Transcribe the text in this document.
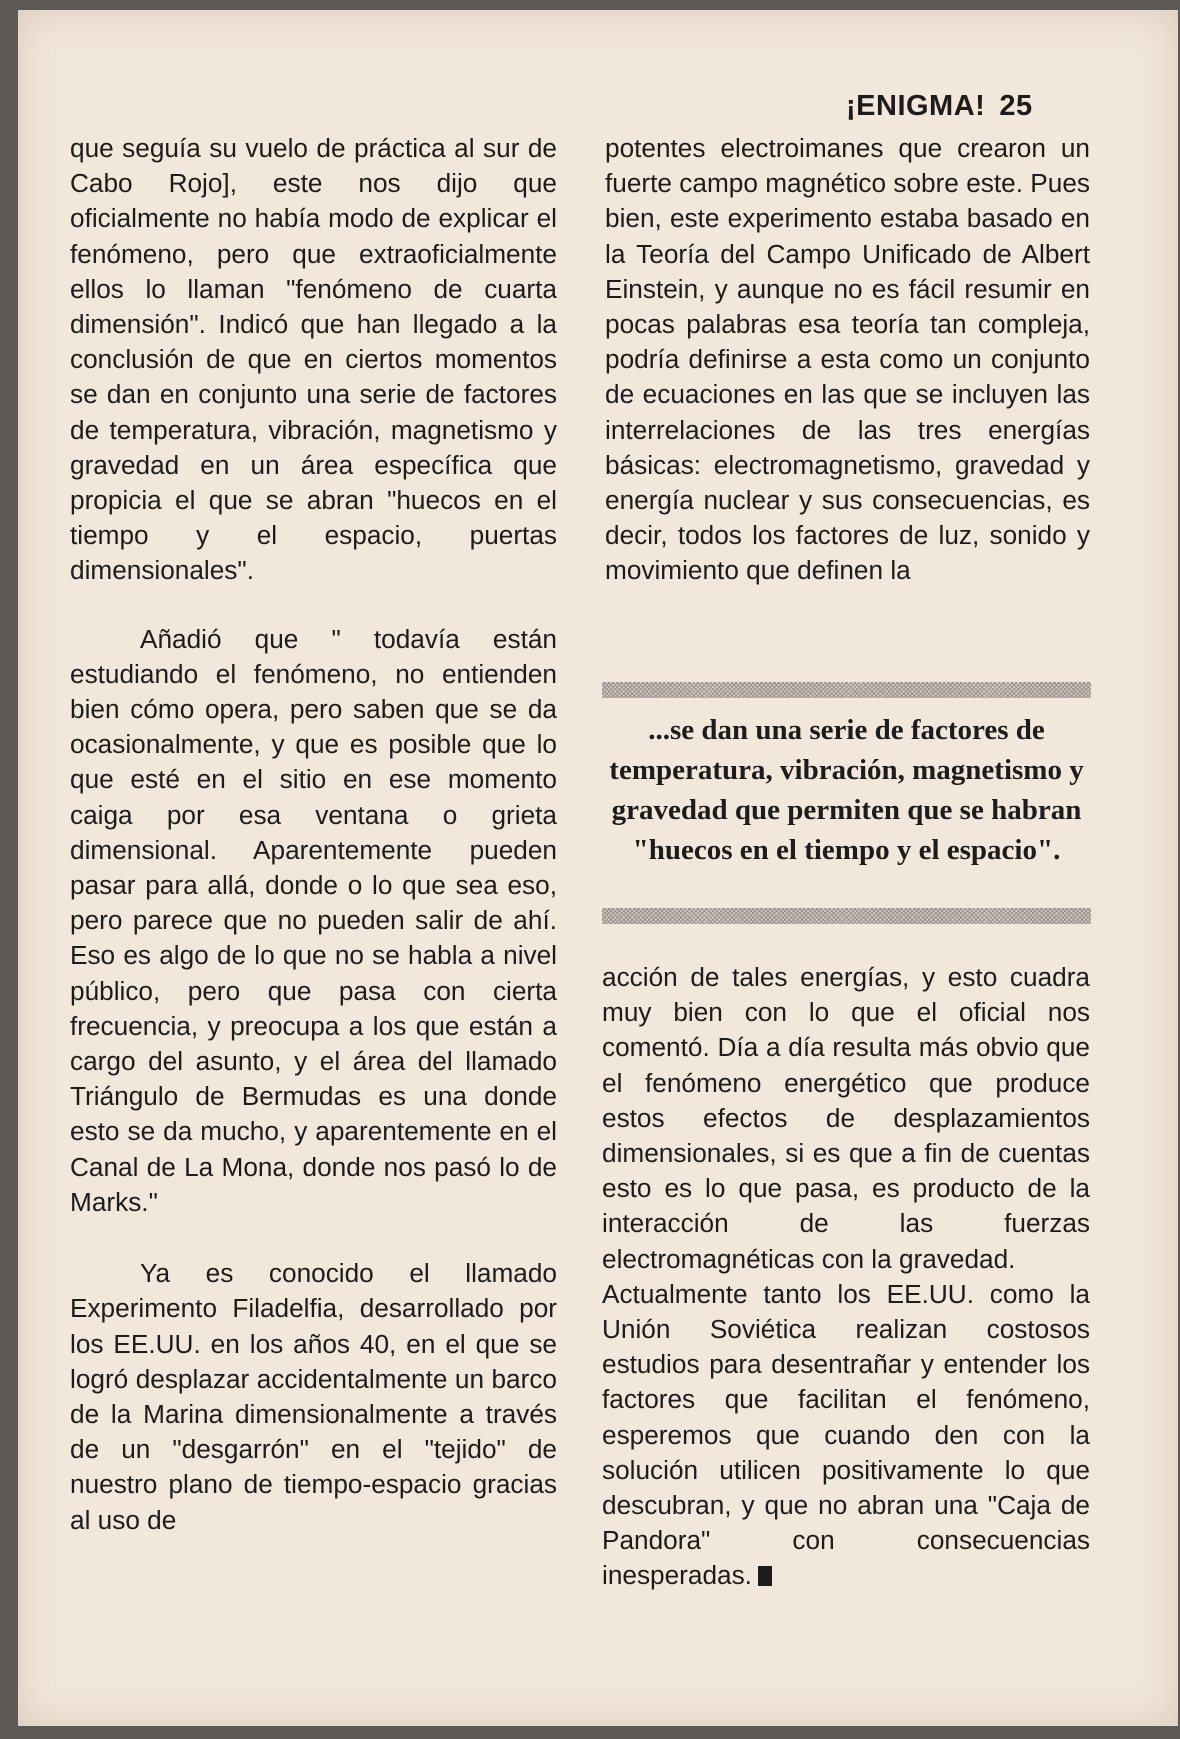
¡ENIGMA! 25

que seguía su vuelo de práctica al sur de Cabo Rojo], este nos dijo que oficialmente no había modo de explicar el fenómeno, pero que extraoficialmente ellos lo llaman "fenómeno de cuarta dimensión". Indicó que han llegado a la conclusión de que en ciertos momentos se dan en conjunto una serie de factores de temperatura, vibración, magnetismo y gravedad en un área específica que propicia el que se abran "huecos en el tiempo y el espacio, puertas dimensionales".

Añadió que " todavía están estudiando el fenómeno, no entienden bien cómo opera, pero saben que se da ocasionalmente, y que es posible que lo que esté en el sitio en ese momento caiga por esa ventana o grieta dimensional. Aparentemente pueden pasar para allá, donde o lo que sea eso, pero parece que no pueden salir de ahí. Eso es algo de lo que no se habla a nivel público, pero que pasa con cierta frecuencia, y preocupa a los que están a cargo del asunto, y el área del llamado Triángulo de Bermudas es una donde esto se da mucho, y aparentemente en el Canal de La Mona, donde nos pasó lo de Marks."

Ya es conocido el llamado Experimento Filadelfia, desarrollado por los EE.UU. en los años 40, en el que se logró desplazar accidentalmente un barco de la Marina dimensionalmente a través de un "desgarrón" en el "tejido" de nuestro plano de tiempo-espacio gracias al uso de

potentes electroimanes que crearon un fuerte campo magnético sobre este. Pues bien, este experimento estaba basado en la Teoría del Campo Unificado de Albert Einstein, y aunque no es fácil resumir en pocas palabras esa teoría tan compleja, podría definirse a esta como un conjunto de ecuaciones en las que se incluyen las interrelaciones de las tres energías básicas: electromagnetismo, gravedad y energía nuclear y sus consecuencias, es decir, todos los factores de luz, sonido y movimiento que definen la

...se dan una serie de factores de temperatura, vibración, magnetismo y gravedad que permiten que se habran "huecos en el tiempo y el espacio".

acción de tales energías, y esto cuadra muy bien con lo que el oficial nos comentó. Día a día resulta más obvio que el fenómeno energético que produce estos efectos de desplazamientos dimensionales, si es que a fin de cuentas esto es lo que pasa, es producto de la interacción de las fuerzas electromagnéticas con la gravedad.

Actualmente tanto los EE.UU. como la Unión Soviética realizan costosos estudios para desentrañar y entender los factores que facilitan el fenómeno, esperemos que cuando den con la solución utilicen positivamente lo que descubran, y que no abran una "Caja de Pandora" con consecuencias inesperadas.
